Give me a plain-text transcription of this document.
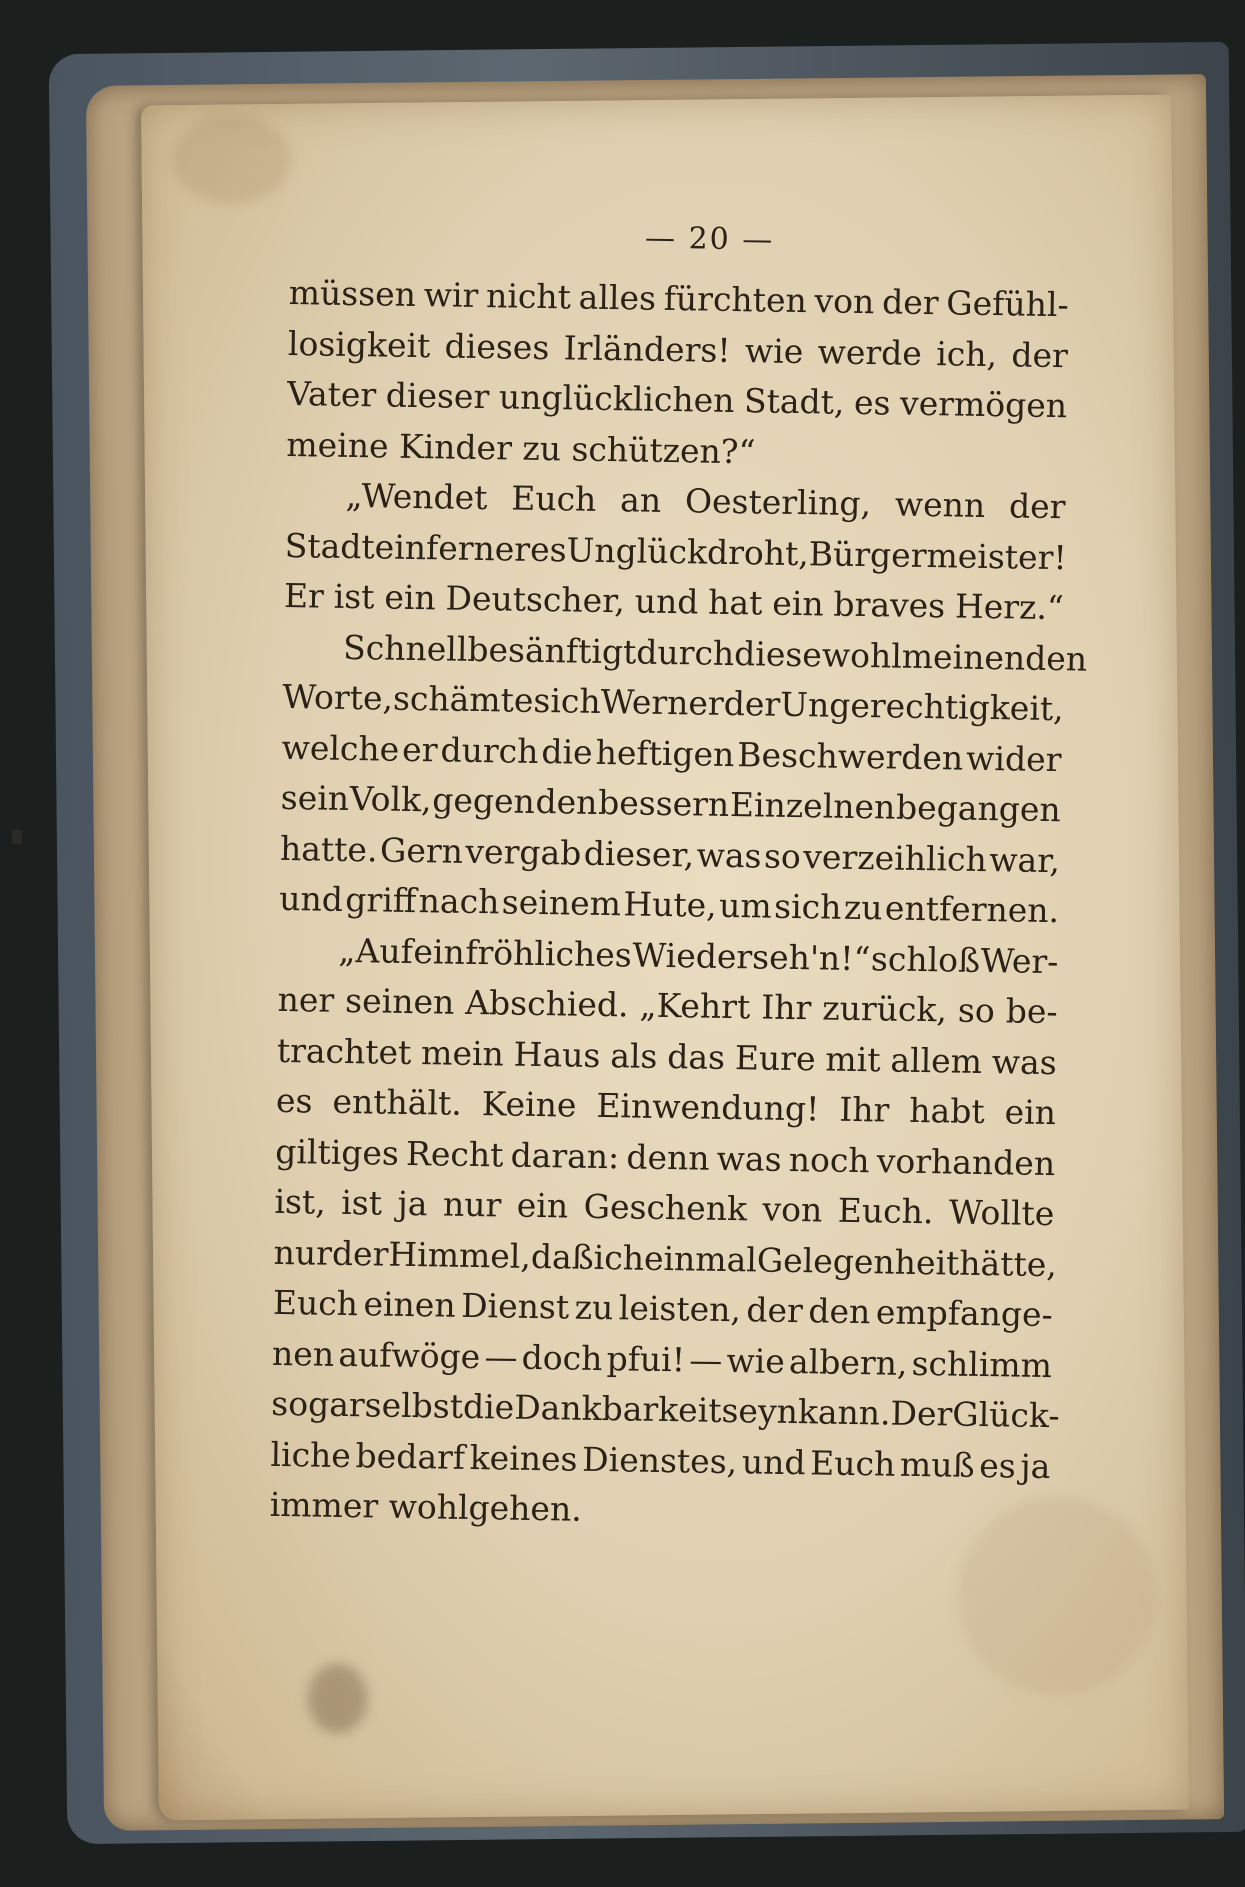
— 20 —
müssen wir nicht alles fürchten von der Gefühl-
losigkeit dieses Irländers! wie werde ich, der
Vater dieser unglücklichen Stadt, es vermögen
meine Kinder zu schützen?“
„Wendet Euch an Oesterling, wenn der
Stadt ein ferneres Unglück droht, Bürgermeister!
Er ist ein Deutscher, und hat ein braves Herz.“
Schnell besänftigt durch diese wohlmeinenden
Worte, schämte sich Werner der Ungerechtigkeit,
welche er durch die heftigen Beschwerden wider
sein Volk, gegen den bessern Einzelnen begangen
hatte. Gern vergab dieser, was so verzeihlich war,
und griff nach seinem Hute, um sich zu entfernen.
„Auf ein fröhliches Wiederseh'n!“ schloß Wer-
ner seinen Abschied. „Kehrt Ihr zurück, so be-
trachtet mein Haus als das Eure mit allem was
es enthält. Keine Einwendung! Ihr habt ein
giltiges Recht daran: denn was noch vorhanden
ist, ist ja nur ein Geschenk von Euch. Wollte
nur der Himmel, daß ich einmal Gelegenheit hätte,
Euch einen Dienst zu leisten, der den empfange-
nen aufwöge — doch pfui! — wie albern, schlimm
sogar selbst die Dankbarkeit seyn kann. Der Glück-
liche bedarf keines Dienstes, und Euch muß es ja
immer wohlgehen.
